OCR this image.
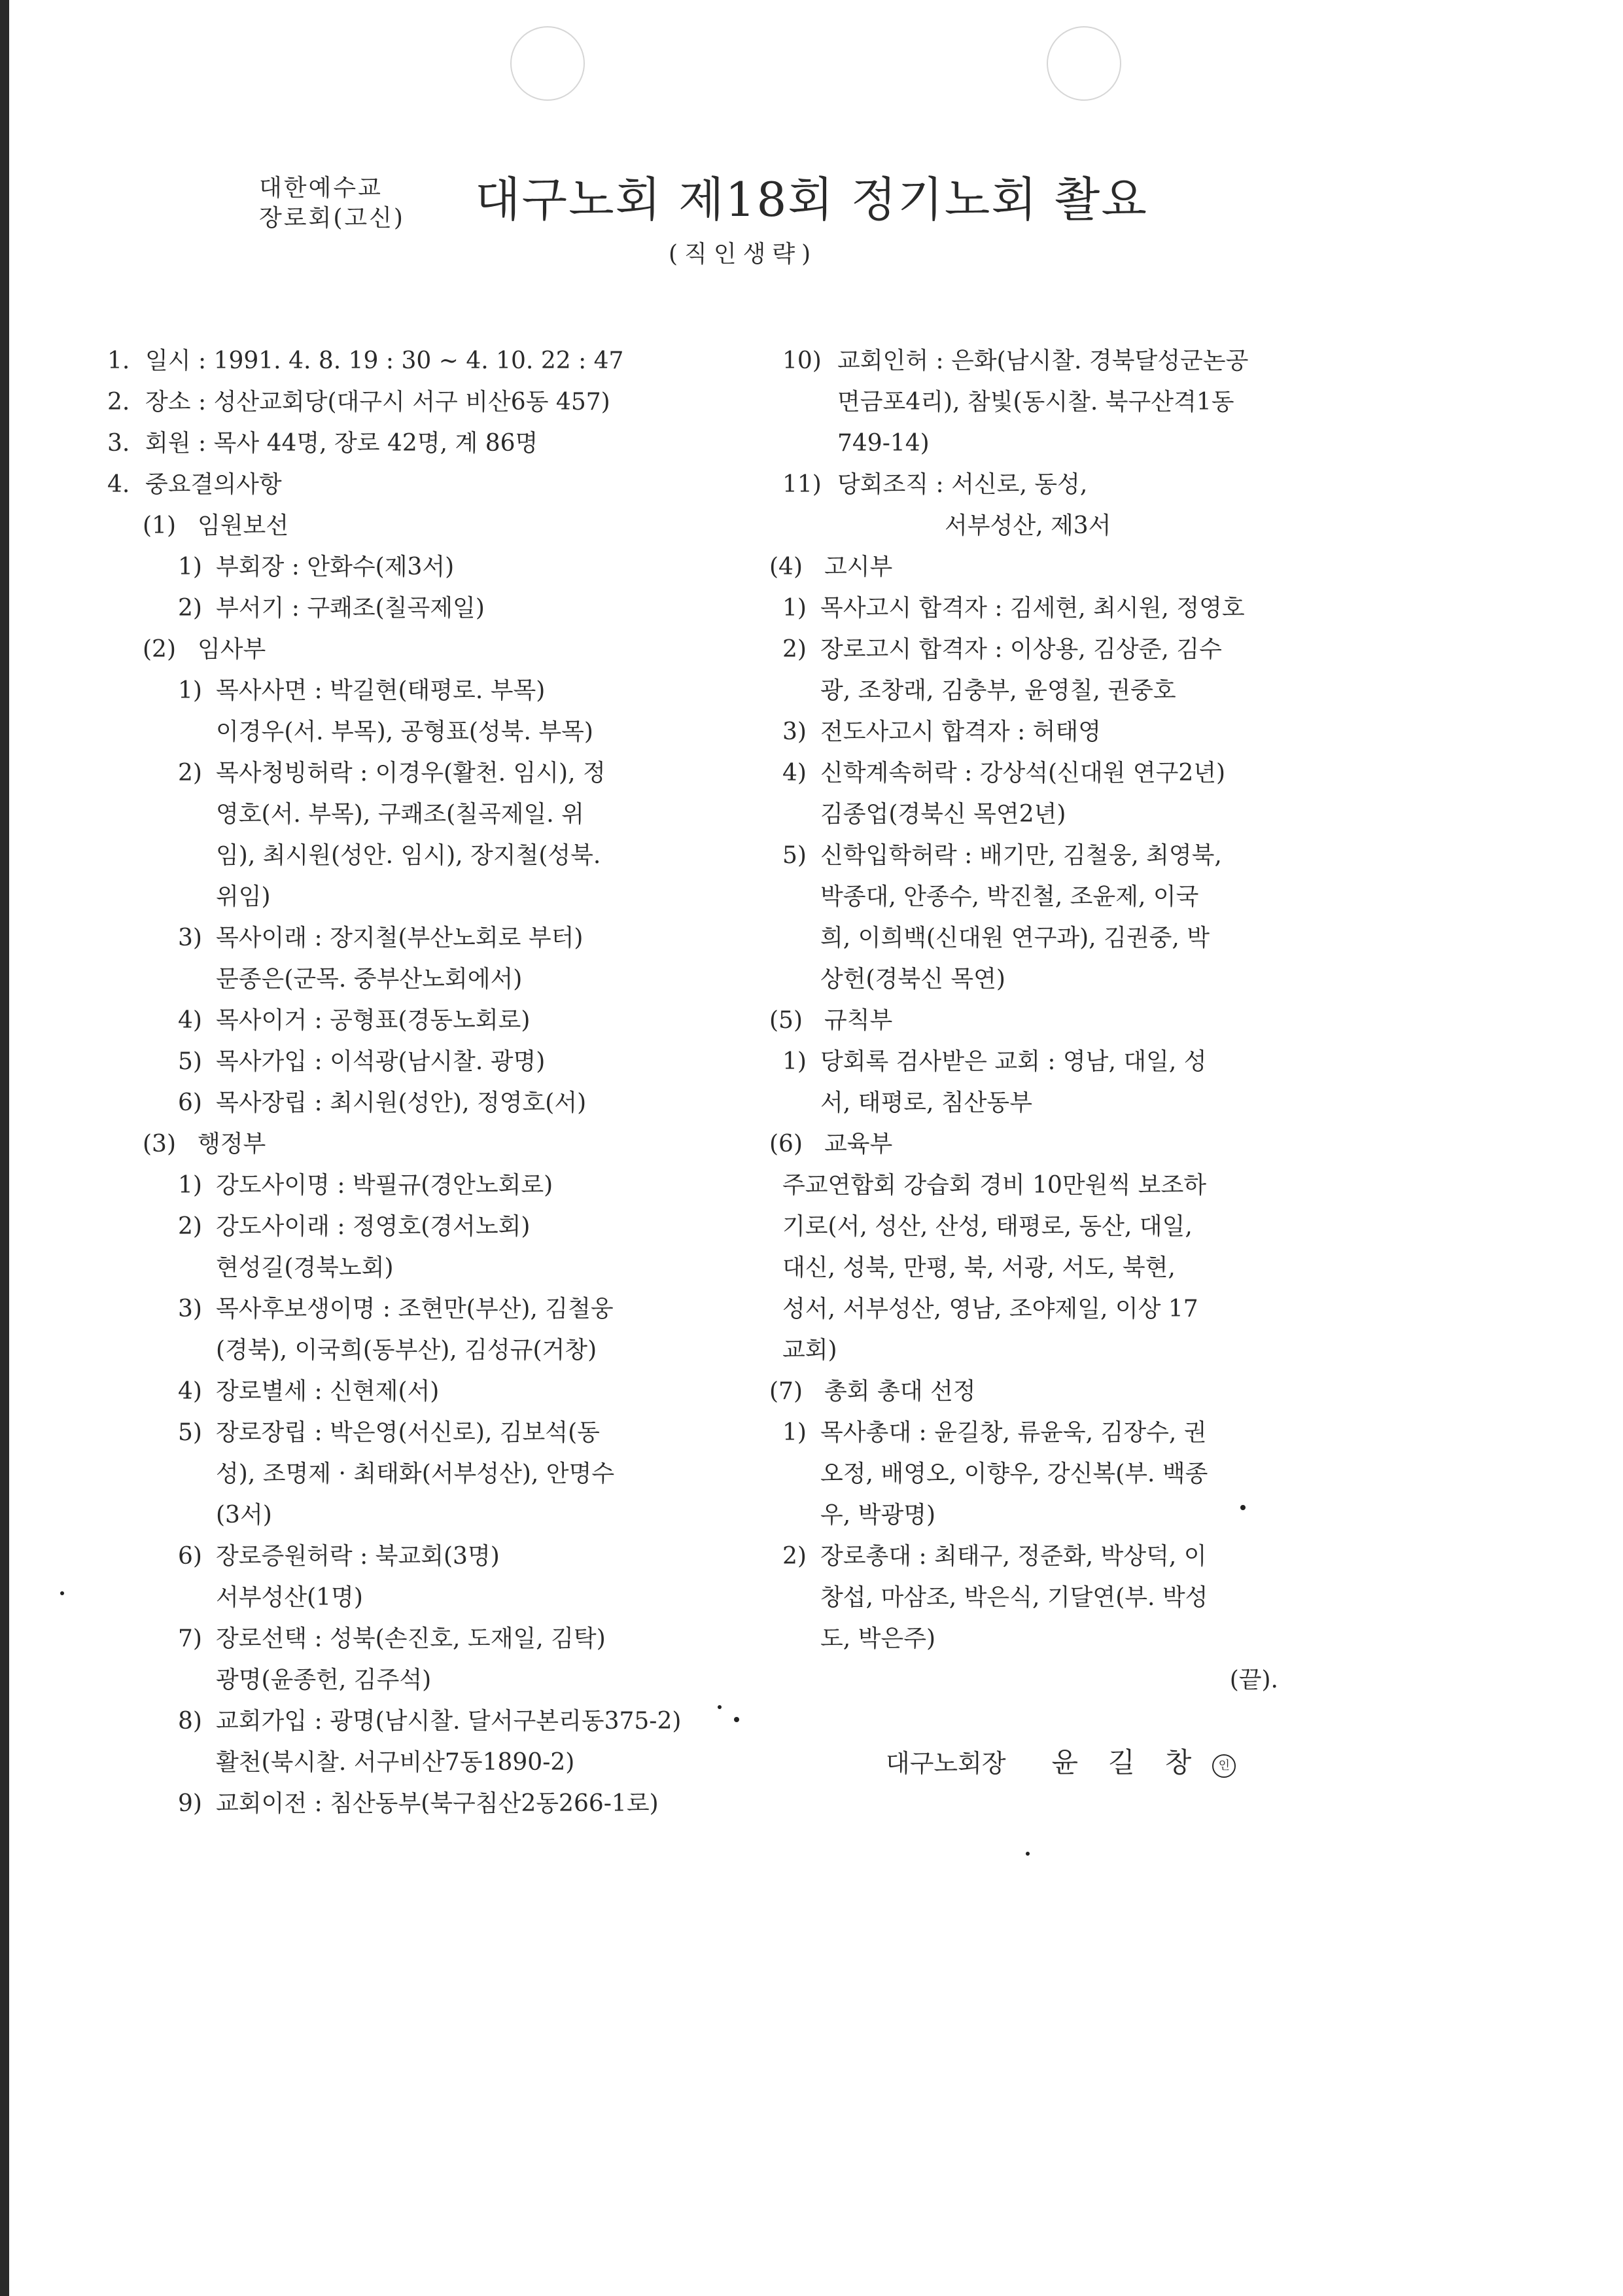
대한예수교
장로회(고신) 대구노회 제18회 정기노회 촬요
(직인생략)
1. 일시 : 1991. 4. 8. 19 : 30 ~ 4. 10. 22 : 47
2. 장소 : 성산교회당(대구시 서구 비산6동 457)
3. 회원 : 목사 44명, 장로 42명, 계 86명
4. 중요결의사항
(1) 임원보선
1) 부회장 : 안화수(제3서)
2) 부서기 : 구쾌조(칠곡제일)
(2) 임사부
1) 목사사면 : 박길현(태평로. 부목)
이경우(서. 부목), 공형표(성북. 부목)
2) 목사청빙허락 : 이경우(활천. 임시), 정
영호(서. 부목), 구쾌조(칠곡제일. 위
임), 최시원(성안. 임시), 장지철(성북.
위임)
3) 목사이래 : 장지철(부산노회로 부터)
문종은(군목. 중부산노회에서)
4) 목사이거 : 공형표(경동노회로)
5) 목사가입 : 이석광(남시찰. 광명)
6) 목사장립 : 최시원(성안), 정영호(서)
(3) 행정부
1) 강도사이명 : 박필규(경안노회로)
2) 강도사이래 : 정영호(경서노회)
현성길(경북노회)
3) 목사후보생이명 : 조현만(부산), 김철웅
(경북), 이국희(동부산), 김성규(거창)
4) 장로별세 : 신현제(서)
5) 장로장립 : 박은영(서신로), 김보석(동
성), 조명제 · 최태화(서부성산), 안명수
(3서)
6) 장로증원허락 : 북교회(3명)
서부성산(1명)
7) 장로선택 : 성북(손진호, 도재일, 김탁)
광명(윤종헌, 김주석)
8) 교회가입 : 광명(남시찰. 달서구본리동375-2)
활천(북시찰. 서구비산7동1890-2)
9) 교회이전 : 침산동부(북구침산2동266-1로)
10) 교회인허 : 은화(남시찰. 경북달성군논공
면금포4리), 참빛(동시찰. 북구산격1동
749-14)
11) 당회조직 : 서신로, 동성,
서부성산, 제3서
(4) 고시부
1) 목사고시 합격자 : 김세현, 최시원, 정영호
2) 장로고시 합격자 : 이상용, 김상준, 김수
광, 조창래, 김충부, 윤영칠, 권중호
3) 전도사고시 합격자 : 허태영
4) 신학계속허락 : 강상석(신대원 연구2년)
김종업(경북신 목연2년)
5) 신학입학허락 : 배기만, 김철웅, 최영북,
박종대, 안종수, 박진철, 조윤제, 이국
희, 이희백(신대원 연구과), 김권중, 박
상헌(경북신 목연)
(5) 규칙부
1) 당회록 검사받은 교회 : 영남, 대일, 성
서, 태평로, 침산동부
(6) 교육부
주교연합회 강습회 경비 10만원씩 보조하
기로(서, 성산, 산성, 태평로, 동산, 대일,
대신, 성북, 만평, 북, 서광, 서도, 북현,
성서, 서부성산, 영남, 조야제일, 이상 17
교회)
(7) 총회 총대 선정
1) 목사총대 : 윤길창, 류윤욱, 김장수, 권
오정, 배영오, 이향우, 강신복(부. 백종
우, 박광명)
2) 장로총대 : 최태구, 정준화, 박상덕, 이
창섭, 마삼조, 박은식, 기달연(부. 박성
도, 박은주)
(끝).
대구노회장 윤길창인
